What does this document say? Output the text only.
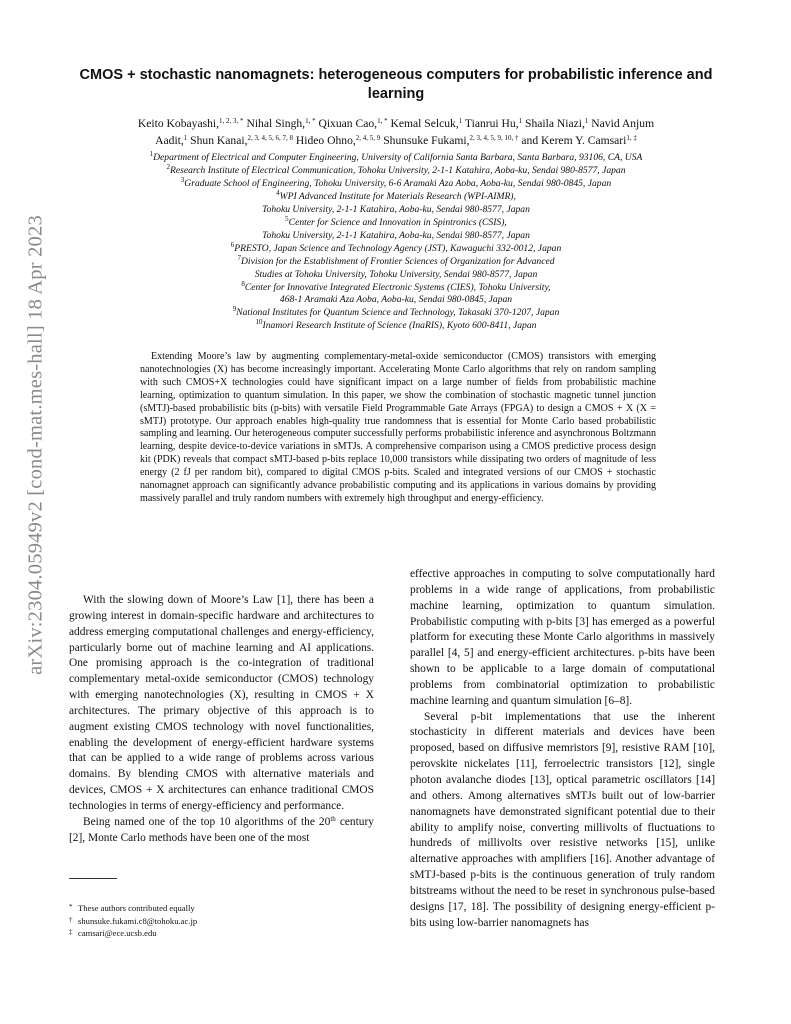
arXiv:2304.05949v2 [cond-mat.mes-hall] 18 Apr 2023
CMOS + stochastic nanomagnets: heterogeneous computers for probabilistic inference and learning
Keito Kobayashi,$^{1, 2, 3, *}$ Nihal Singh,$^{1, *}$ Qixuan Cao,$^{1, *}$ Kemal Selcuk,$^1$ Tianrui Hu,$^1$ Shaila Niazi,$^1$ Navid Anjum
Aadit,$^1$ Shun Kanai,$^{2, 3, 4, 5, 6, 7, 8}$ Hideo Ohno,$^{2, 4, 5, 9}$ Shunsuke Fukami,$^{2, 3, 4, 5, 9, 10, \dagger}$ and Kerem Y. Camsari$^{1, \ddagger}$
$^1$Department of Electrical and Computer Engineering, University of California Santa Barbara, Santa Barbara, 93106, CA, USA
$^2$Research Institute of Electrical Communication, Tohoku University, 2-1-1 Katahira, Aoba-ku, Sendai 980-8577, Japan
$^3$Graduate School of Engineering, Tohoku University, 6-6 Aramaki Aza Aoba, Aoba-ku, Sendai 980-0845, Japan
$^4$WPI Advanced Institute for Materials Research (WPI-AIMR),
Tohoku University, 2-1-1 Katahira, Aoba-ku, Sendai 980-8577, Japan
$^5$Center for Science and Innovation in Spintronics (CSIS),
Tohoku University, 2-1-1 Katahira, Aoba-ku, Sendai 980-8577, Japan
$^6$PRESTO, Japan Science and Technology Agency (JST), Kawaguchi 332-0012, Japan
$^7$Division for the Establishment of Frontier Sciences of Organization for Advanced
Studies at Tohoku University, Tohoku University, Sendai 980-8577, Japan
$^8$Center for Innovative Integrated Electronic Systems (CIES), Tohoku University,
468-1 Aramaki Aza Aoba, Aoba-ku, Sendai 980-0845, Japan
$^9$National Institutes for Quantum Science and Technology, Takasaki 370-1207, Japan
$^{10}$Inamori Research Institute of Science (InaRIS), Kyoto 600-8411, Japan
Extending Moore’s law by augmenting complementary-metal-oxide semiconductor (CMOS) transistors with emerging nanotechnologies (X) has become increasingly important. Accelerating Monte Carlo algorithms that rely on random sampling with such CMOS+X technologies could have significant impact on a large number of fields from probabilistic machine learning, optimization to quantum simulation. In this paper, we show the combination of stochastic magnetic tunnel junction (sMTJ)-based probabilistic bits (p-bits) with versatile Field Programmable Gate Arrays (FPGA) to design a CMOS + X (X = sMTJ) prototype. Our approach enables high-quality true randomness that is essential for Monte Carlo based probabilistic sampling and learning. Our heterogeneous computer successfully performs probabilistic inference and asynchronous Boltzmann learning, despite device-to-device variations in sMTJs. A comprehensive comparison using a CMOS predictive process design kit (PDK) reveals that compact sMTJ-based p-bits replace 10,000 transistors while dissipating two orders of magnitude of less energy (2 fJ per random bit), compared to digital CMOS p-bits. Scaled and integrated versions of our CMOS + stochastic nanomagnet approach can significantly advance probabilistic computing and its applications in various domains by providing massively parallel and truly random numbers with extremely high throughput and energy-efficiency.

With the slowing down of Moore’s Law [1], there has been a growing interest in domain-specific hardware and architectures to address emerging computational challenges and energy-efficiency, particularly borne out of machine learning and AI applications. One promising approach is the co-integration of traditional complementary metal-oxide semiconductor (CMOS) technology with emerging nanotechnologies (X), resulting in CMOS + X architectures. The primary objective of this approach is to augment existing CMOS technology with novel functionalities, enabling the development of energy-efficient hardware systems that can be applied to a wide range of problems across various domains. By blending CMOS with alternative materials and devices, CMOS + X architectures can enhance traditional CMOS technologies in terms of energy-efficiency and performance.

Being named one of the top 10 algorithms of the 20th century [2], Monte Carlo methods have been one of the most

effective approaches in computing to solve computationally hard problems in a wide range of applications, from probabilistic machine learning, optimization to quantum simulation. Probabilistic computing with p-bits [3] has emerged as a powerful platform for executing these Monte Carlo algorithms in massively parallel [4, 5] and energy-efficient architectures. p-bits have been shown to be applicable to a large domain of computational problems from combinatorial optimization to probabilistic machine learning and quantum simulation [6–8].

Several p-bit implementations that use the inherent stochasticity in different materials and devices have been proposed, based on diffusive memristors [9], resistive RAM [10], perovskite nickelates [11], ferroelectric transistors [12], single photon avalanche diodes [13], optical parametric oscillators [14] and others. Among alternatives sMTJs built out of low-barrier nanomagnets have demonstrated significant potential due to their ability to amplify noise, converting millivolts of fluctuations to hundreds of millivolts over resistive networks [15], unlike alternative approaches with amplifiers [16]. Another advantage of sMTJ-based p-bits is the continuous generation of truly random bitstreams without the need to be reset in synchronous pulse-based designs [17, 18]. The possibility of designing energy-efficient p-bits using low-barrier nanomagnets has

* These authors contributed equally
† shunsuke.fukami.c8@tohoku.ac.jp
‡ camsari@ece.ucsb.edu
